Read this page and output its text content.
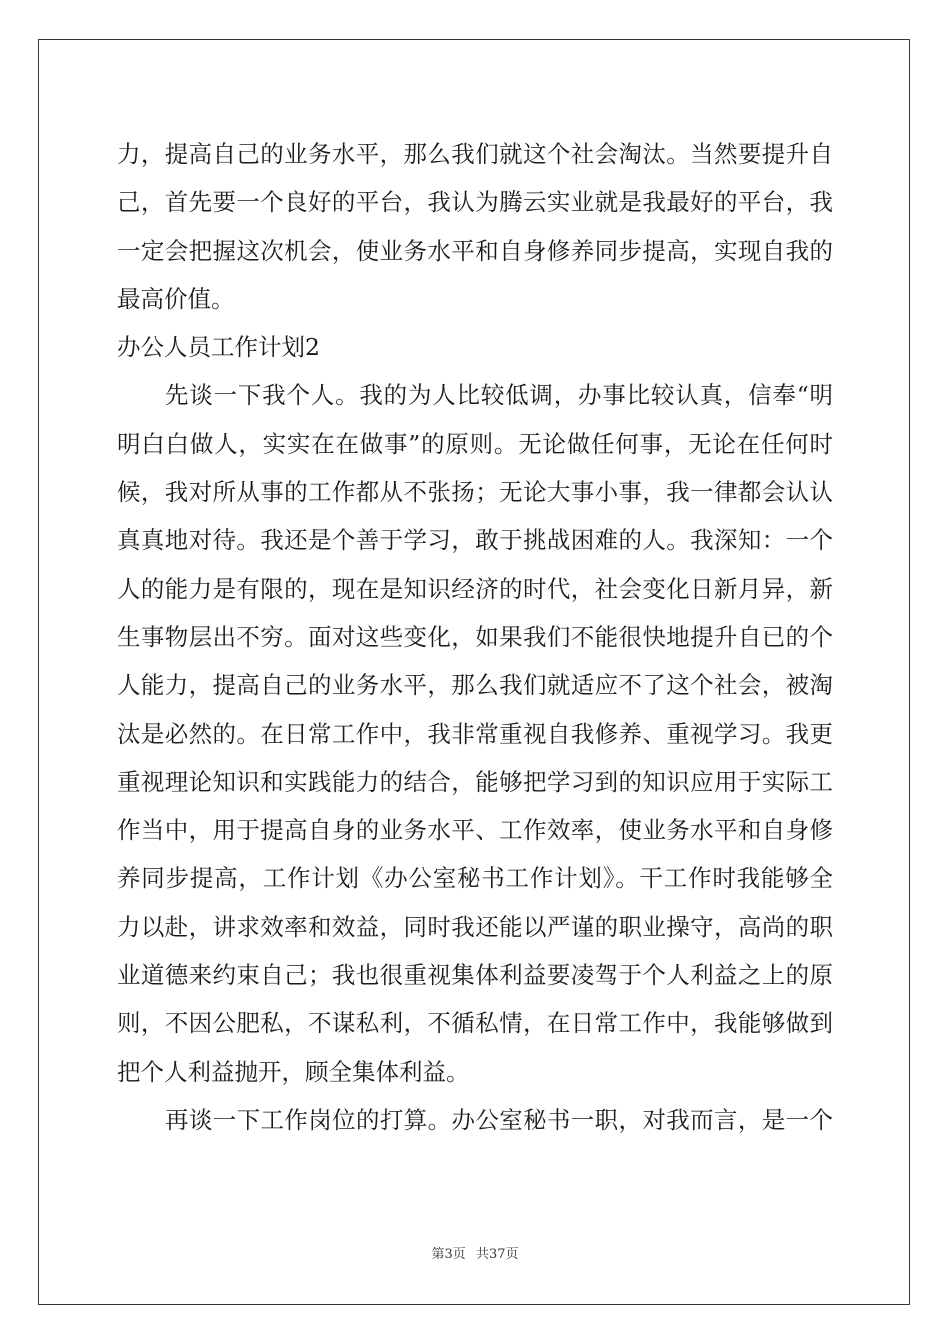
力，提高自己的业务水平，那么我们就这个社会淘汰。当然要提升自
己，首先要一个良好的平台，我认为腾云实业就是我最好的平台，我
一定会把握这次机会，使业务水平和自身修养同步提高，实现自我的
最高价值。
办公人员工作计划2
先谈一下我个人。我的为人比较低调，办事比较认真，信奉“明
明白白做人，实实在在做事”的原则。无论做任何事，无论在任何时
候，我对所从事的工作都从不张扬；无论大事小事，我一律都会认认
真真地对待。我还是个善于学习，敢于挑战困难的人。我深知：一个
人的能力是有限的，现在是知识经济的时代，社会变化日新月异，新
生事物层出不穷。面对这些变化，如果我们不能很快地提升自已的个
人能力，提高自己的业务水平，那么我们就适应不了这个社会，被淘
汰是必然的。在日常工作中，我非常重视自我修养、重视学习。我更
重视理论知识和实践能力的结合，能够把学习到的知识应用于实际工
作当中，用于提高自身的业务水平、工作效率，使业务水平和自身修
养同步提高，工作计划《办公室秘书工作计划》。干工作时我能够全
力以赴，讲求效率和效益，同时我还能以严谨的职业操守，高尚的职
业道德来约束自己；我也很重视集体利益要凌驾于个人利益之上的原
则，不因公肥私，不谋私利，不循私情，在日常工作中，我能够做到
把个人利益抛开，顾全集体利益。
再谈一下工作岗位的打算。办公室秘书一职，对我而言，是一个
第3页 共37页
